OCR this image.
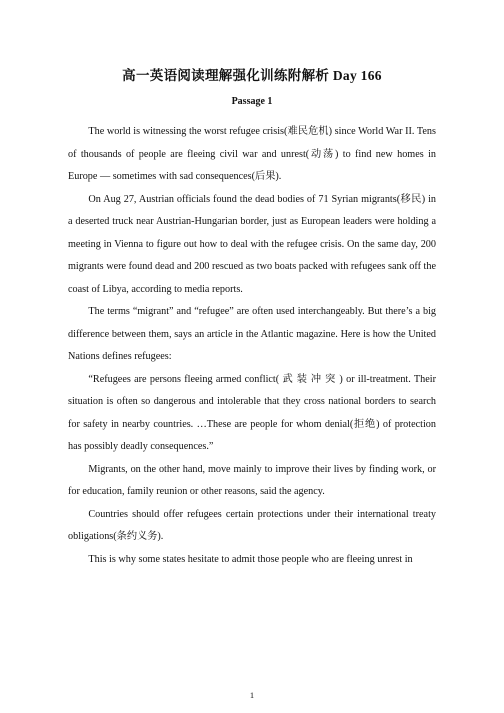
高一英语阅读理解强化训练附解析 Day 166
Passage 1

The world is witnessing the worst refugee crisis(难民危机) since World War II. Tens of thousands of people are fleeing civil war and unrest(动荡) to find new homes in Europe — sometimes with sad consequences(后果).

On Aug 27, Austrian officials found the dead bodies of 71 Syrian migrants(移民) in a deserted truck near Austrian-Hungarian border, just as European leaders were holding a meeting in Vienna to figure out how to deal with the refugee crisis. On the same day, 200 migrants were found dead and 200 rescued as two boats packed with refugees sank off the coast of Libya, according to media reports.

The terms “migrant” and “refugee” are often used interchangeably. But there’s a big difference between them, says an article in the Atlantic magazine. Here is how the United Nations defines refugees:

“Refugees are persons fleeing armed conflict( 武 装 冲 突 ) or ill-treatment. Their situation is often so dangerous and intolerable that they cross national borders to search for safety in nearby countries. …These are people for whom denial(拒绝) of protection has possibly deadly consequences.”

Migrants, on the other hand, move mainly to improve their lives by finding work, or for education, family reunion or other reasons, said the agency.

Countries should offer refugees certain protections under their international treaty obligations(条约义务).

This is why some states hesitate to admit those people who are fleeing unrest in

1
